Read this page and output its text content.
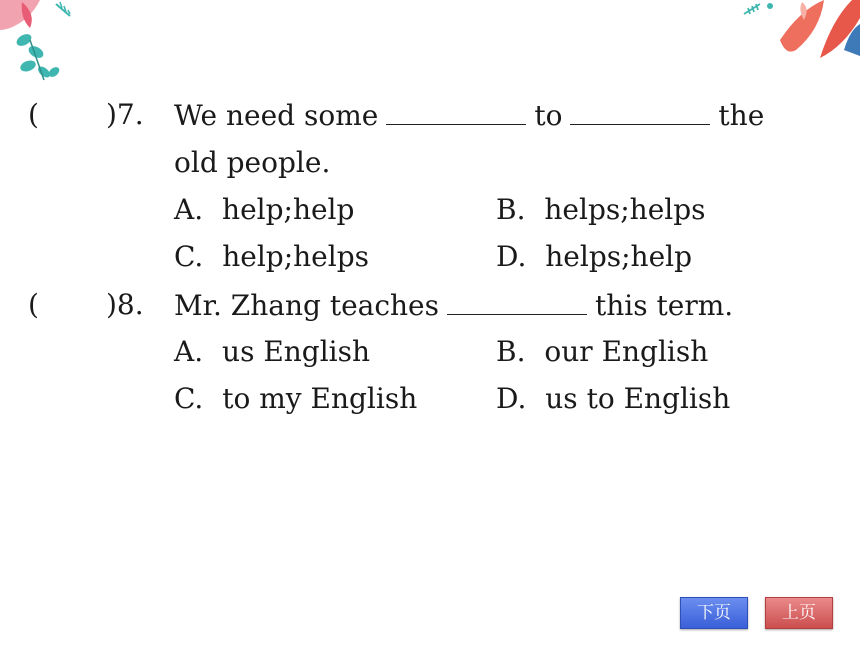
( )7. We need some	to	the
old people.
A. help;help	B. helps;helps
C. help;helps	D. helps;help
( )8. Mr. Zhang teaches	this term.
A. us English	B. our English
C. to my English	D. us to English
下页	上页
